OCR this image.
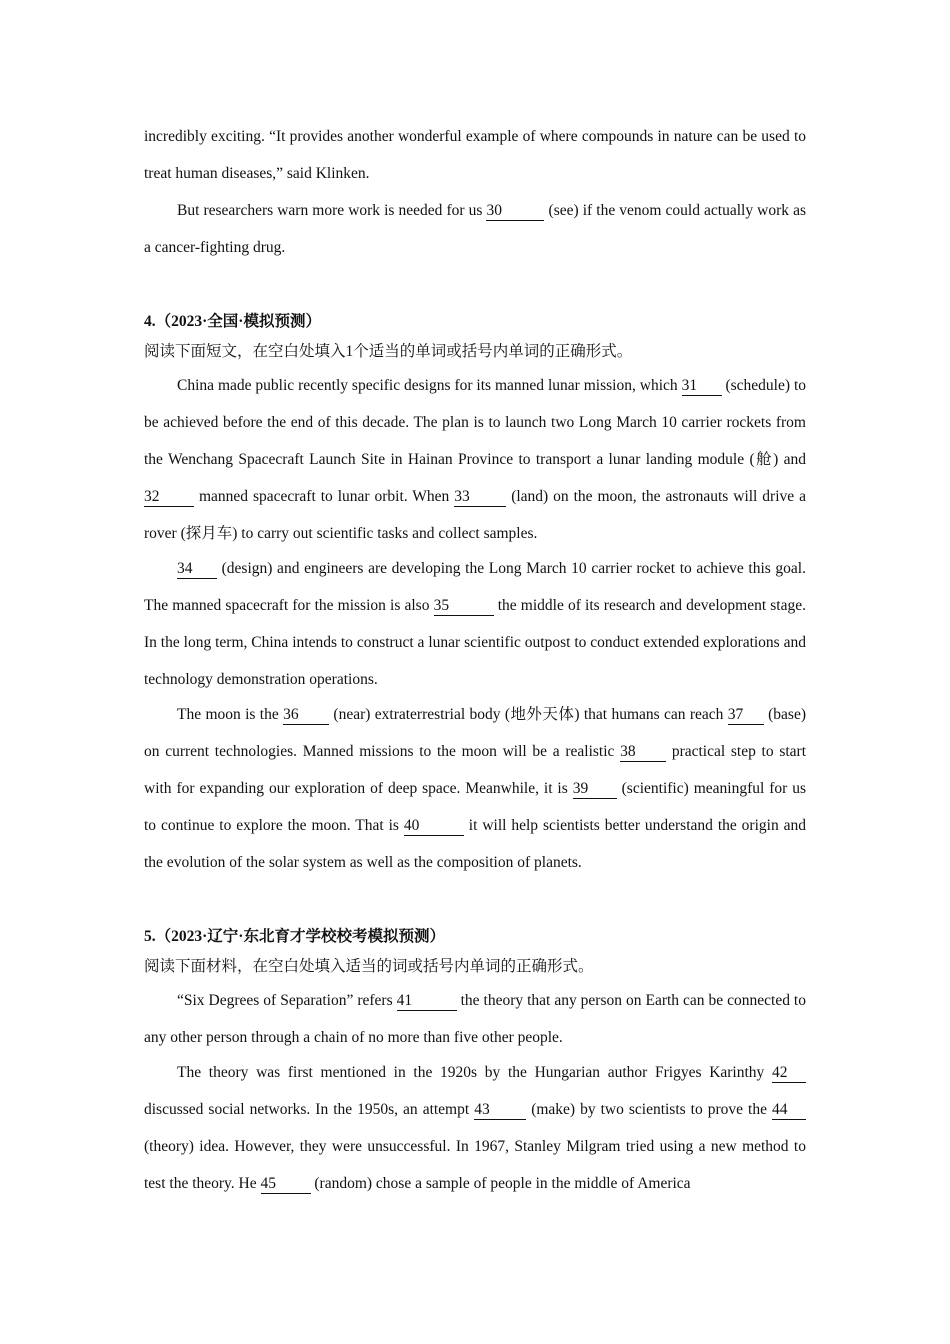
incredibly exciting. “It provides another wonderful example of where compounds in nature can be used to treat human diseases,” said Klinken.

But researchers warn more work is needed for us 30	(see) if the venom could actually work as a cancer-fighting drug.

4.（2023·全国·模拟预测）

阅读下面短文，在空白处填入1个适当的单词或括号内单词的正确形式。

China made public recently specific designs for its manned lunar mission, which 31 (schedule) to be achieved before the end of this decade. The plan is to launch two Long March 10 carrier rockets from the Wenchang Spacecraft Launch Site in Hainan Province to transport a lunar landing module (舱) and 32 manned spacecraft to lunar orbit. When 33 (land) on the moon, the astronauts will drive a rover (探月车) to carry out scientific tasks and collect samples.

34 (design) and engineers are developing the Long March 10 carrier rocket to achieve this goal. The manned spacecraft for the mission is also 35	the middle of its research and development stage. In the long term, China intends to construct a lunar scientific outpost to conduct extended explorations and technology demonstration operations.

The moon is the 36 (near) extraterrestrial body (地外天体) that humans can reach 37 (base) on current technologies. Manned missions to the moon will be a realistic 38 practical step to start with for expanding our exploration of deep space. Meanwhile, it is 39 (scientific) meaningful for us to continue to explore the moon. That is 40	it will help scientists better understand the origin and the evolution of the solar system as well as the composition of planets.

5.（2023·辽宁·东北育才学校校考模拟预测）

阅读下面材料，在空白处填入适当的词或括号内单词的正确形式。

“Six Degrees of Separation” refers 41	the theory that any person on Earth can be connected to any other person through a chain of no more than five other people.

The theory was first mentioned in the 1920s by the Hungarian author Frigyes Karinthy 42 discussed social networks. In the 1950s, an attempt 43 (make) by two scientists to prove the 44 (theory) idea. However, they were unsuccessful. In 1967, Stanley Milgram tried using a new method to test the theory. He 45 (random) chose a sample of people in the middle of America
